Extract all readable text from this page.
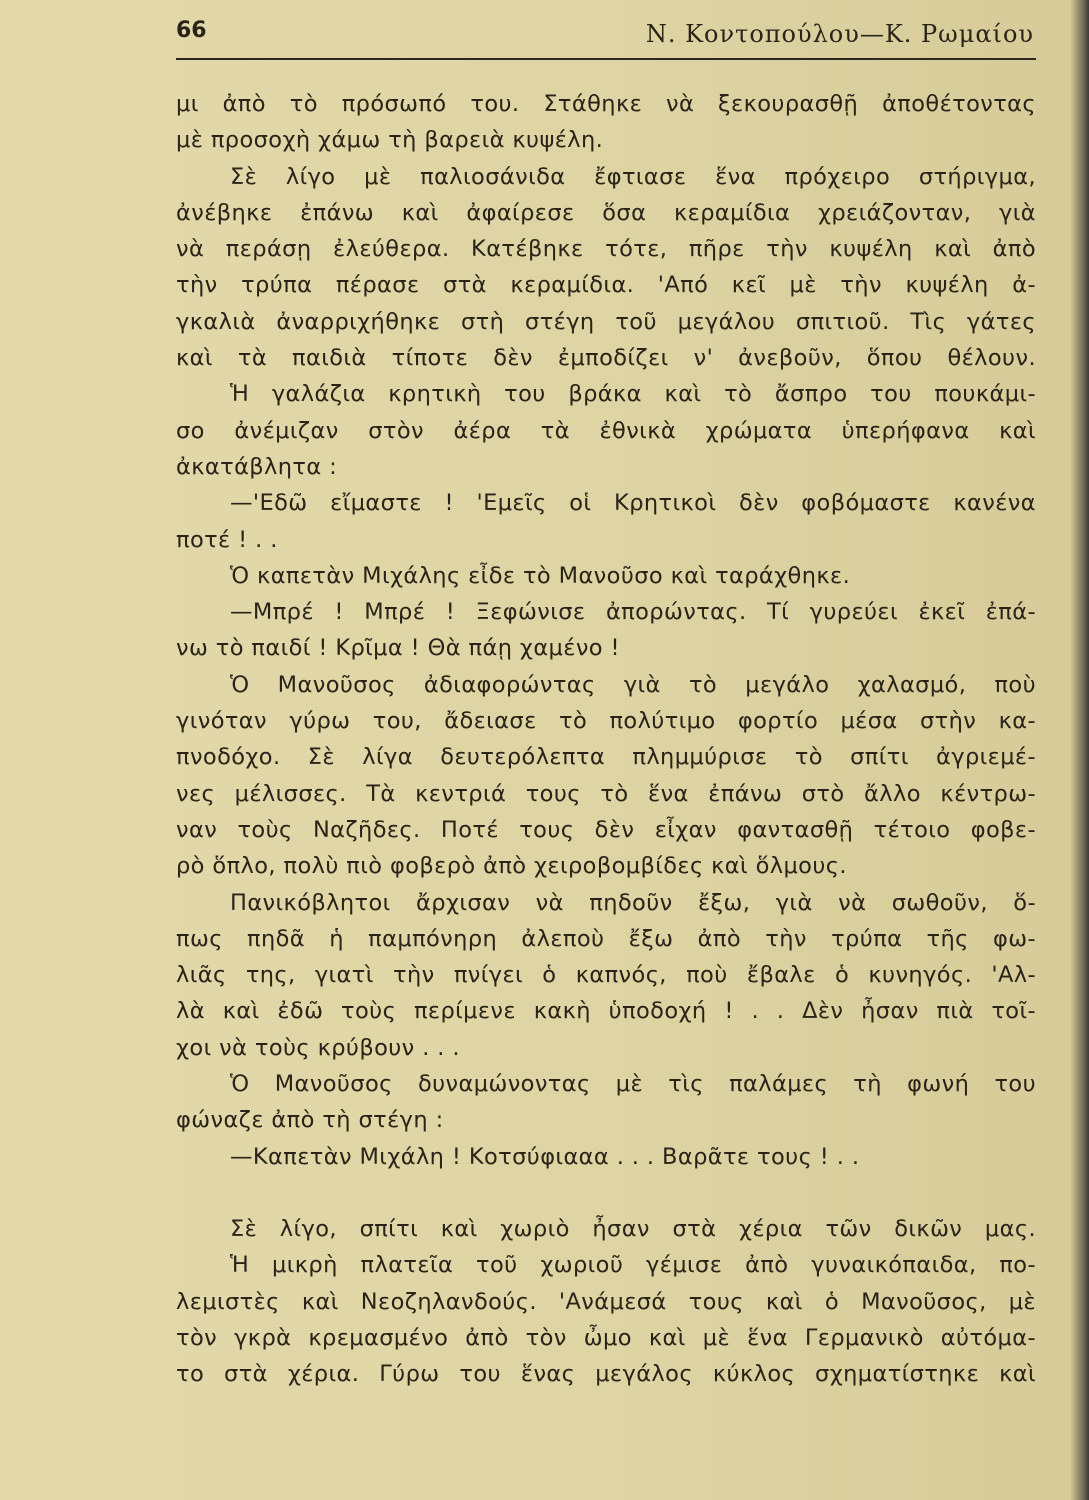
66	Ν. Κοντοπούλου—Κ. Ρωμαίου
μι ἀπὸ τὸ πρόσωπό του. Στάθηκε νὰ ξεκουρασθῇ ἀποθέτοντας
μὲ προσοχὴ χάμω τὴ βαρειὰ κυψέλη.
Σὲ λίγο μὲ παλιοσάνιδα ἔφτιασε ἕνα πρόχειρο στήριγμα,
ἀνέβηκε ἐπάνω καὶ ἀφαίρεσε ὅσα κεραμίδια χρειάζονταν, γιὰ
νὰ περάσῃ ἐλεύθερα. Κατέβηκε τότε, πῆρε τὴν κυψέλη καὶ ἀπὸ
τὴν τρύπα πέρασε στὰ κεραμίδια. 'Από κεῖ μὲ τὴν κυψέλη ἀ-
γκαλιὰ ἀναρριχήθηκε στὴ στέγη τοῦ μεγάλου σπιτιοῦ. Τὶς γάτες
καὶ τὰ παιδιὰ τίποτε δὲν ἐμποδίζει ν' ἀνεβοῦν, ὅπου θέλουν.
Ἡ γαλάζια κρητικὴ του βράκα καὶ τὸ ἄσπρο του πουκάμι-
σο ἀνέμιζαν στὸν ἀέρα τὰ ἐθνικὰ χρώματα ὑπερήφανα καὶ
ἀκατάβλητα :
—'Εδῶ εἴμαστε ! 'Εμεῖς οἱ Κρητικοὶ δὲν φοβόμαστε κανένα
ποτέ ! . .
Ὁ καπετὰν Μιχάλης εἶδε τὸ Μανοῦσο καὶ ταράχθηκε.
—Μπρέ ! Μπρέ ! Ξεφώνισε ἀπορώντας. Τί γυρεύει ἐκεῖ ἐπά-
νω τὸ παιδί ! Κρῖμα ! Θὰ πάῃ χαμένο !
Ὁ Μανοῦσος ἀδιαφορώντας γιὰ τὸ μεγάλο χαλασμό, ποὺ
γινόταν γύρω του, ἄδειασε τὸ πολύτιμο φορτίο μέσα στὴν κα-
πνοδόχο. Σὲ λίγα δευτερόλεπτα πλημμύρισε τὸ σπίτι ἀγριεμέ-
νες μέλισσες. Τὰ κεντριά τους τὸ ἕνα ἐπάνω στὸ ἄλλο κέντρω-
ναν τοὺς Ναζῆδες. Ποτέ τους δὲν εἶχαν φαντασθῇ τέτοιο φοβε-
ρὸ ὅπλο, πολὺ πιὸ φοβερὸ ἀπὸ χειροβομβίδες καὶ ὅλμους.
Πανικόβλητοι ἄρχισαν νὰ πηδοῦν ἔξω, γιὰ νὰ σωθοῦν, ὅ-
πως πηδᾶ ἡ παμπόνηρη ἀλεποὺ ἔξω ἀπὸ τὴν τρύπα τῆς φω-
λιᾶς της, γιατὶ τὴν πνίγει ὁ καπνός, ποὺ ἔβαλε ὁ κυνηγός. 'Αλ-
λὰ καὶ ἐδῶ τοὺς περίμενε κακὴ ὑποδοχή ! . . Δὲν ἦσαν πιὰ τοῖ-
χοι νὰ τοὺς κρύβουν . . .
Ὁ Μανοῦσος δυναμώνοντας μὲ τὶς παλάμες τὴ φωνή του
φώναζε ἀπὸ τὴ στέγη :
—Καπετὰν Μιχάλη ! Κοτσύφιααα . . . Βαρᾶτε τους ! . .
Σὲ λίγο, σπίτι καὶ χωριὸ ἦσαν στὰ χέρια τῶν δικῶν μας.
Ἡ μικρὴ πλατεῖα τοῦ χωριοῦ γέμισε ἀπὸ γυναικόπαιδα, πο-
λεμιστὲς καὶ Νεοζηλανδούς. 'Ανάμεσά τους καὶ ὁ Μανοῦσος, μὲ
τὸν γκρὰ κρεμασμένο ἀπὸ τὸν ὦμο καὶ μὲ ἕνα Γερμανικὸ αὐτόμα-
το στὰ χέρια. Γύρω του ἕνας μεγάλος κύκλος σχηματίστηκε καὶ
